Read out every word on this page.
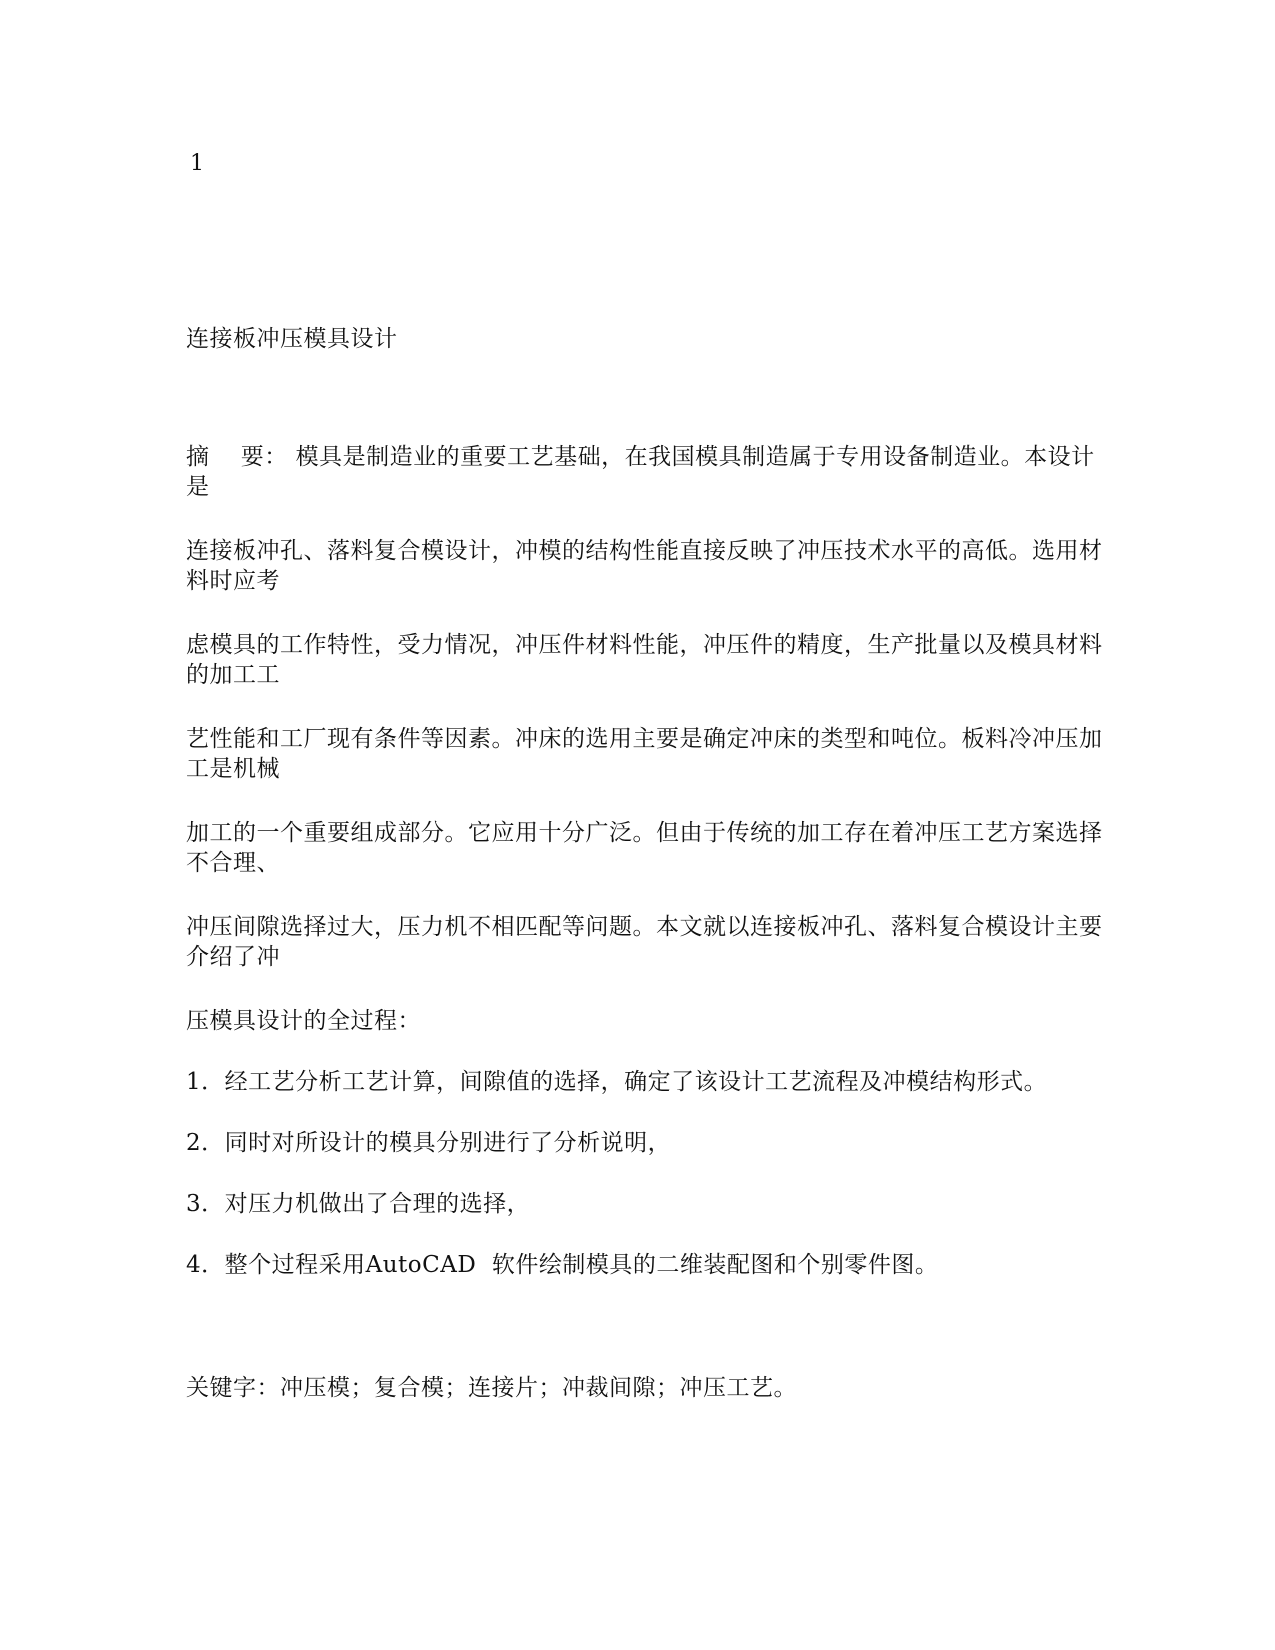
1
连接板冲压模具设计
摘    要： 模具是制造业的重要工艺基础，在我国模具制造属于专用设备制造业。本设计是
连接板冲孔、落料复合模设计，冲模的结构性能直接反映了冲压技术水平的高低。选用材料时应考
虑模具的工作特性，受力情况，冲压件材料性能，冲压件的精度，生产批量以及模具材料的加工工
艺性能和工厂现有条件等因素。冲床的选用主要是确定冲床的类型和吨位。板料冷冲压加工是机械
加工的一个重要组成部分。它应用十分广泛。但由于传统的加工存在着冲压工艺方案选择不合理、
冲压间隙选择过大，压力机不相匹配等问题。本文就以连接板冲孔、落料复合模设计主要介绍了冲
压模具设计的全过程：
1．经工艺分析工艺计算，间隙值的选择，确定了该设计工艺流程及冲模结构形式。
2．同时对所设计的模具分别进行了分析说明，
3．对压力机做出了合理的选择，
4．整个过程采用AutoCAD  软件绘制模具的二维装配图和个别零件图。
关键字：冲压模；复合模；连接片；冲裁间隙；冲压工艺。
